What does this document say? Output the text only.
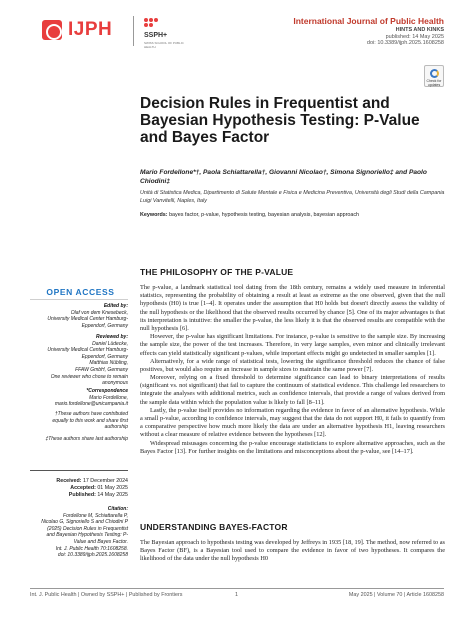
IJPH	SSPH+
SWISS SCHOOL OF PUBLIC HEALTH
International Journal of Public Health
HINTS AND KINKS
published: 14 May 2025
doi: 10.3389/ijph.2025.1608258
Check for updates
Decision Rules in Frequentist and Bayesian Hypothesis Testing: P-Value and Bayes Factor
Mario Fordellone*†, Paola Schiattarella†, Giovanni Nicolao†, Simona Signoriello‡ and Paolo Chiodini‡
Unità di Statistica Medica, Dipartimento di Salute Mentale e Fisica e Medicina Preventiva, Università degli Studi della Campania Luigi Vanvitelli, Naples, Italy
Keywords: bayes factor, p-value, hypothesis testing, bayesian analysis, bayesian approach
THE PHILOSOPHY OF THE P-VALUE

The p-value, a landmark statistical tool dating from the 18th century, remains a widely used measure in inferential statistics, representing the probability of obtaining a result at least as extreme as the one observed, given that the null hypothesis (H0) is true [1–4]. It operates under the assumption that H0 holds but doesn't directly assess the validity of the null hypothesis or the likelihood that the observed results occurred by chance [5]. One of its major advantages is that its interpretation is intuitive: the smaller the p-value, the less likely it is that the observed results are compatible with the null hypothesis [6].

However, the p-value has significant limitations. For instance, p-value is sensitive to the sample size. By increasing the sample size, the power of the test increases. Therefore, in very large samples, even minor and clinically irrelevant effects can yield statistically significant p-values, while important effects might go undetected in smaller samples [1].

Alternatively, for a wide range of statistical tests, lowering the significance threshold reduces the chance of false positives, but would also require an increase in sample sizes to maintain the same power [7].

Moreover, relying on a fixed threshold to determine significance can lead to binary interpretations of results (significant vs. not significant) that fail to capture the continuum of statistical evidence. This challenge led researchers to integrate the analyses with additional metrics, such as confidence intervals, that provide a range of values derived from the sample data within which the population value is likely to fall [8–11].

Lastly, the p-value itself provides no information regarding the evidence in favor of an alternative hypothesis. While a small p-value, according to confidence intervals, may suggest that the data do not support H0, it fails to quantify from a comparative perspective how much more likely the data are under an alternative hypothesis H1, leaving researchers without a clear measure of relative evidence between the hypotheses [12].

Widespread misusages concerning the p-value encourage statisticians to explore alternative approaches, such as the Bayes Factor [13]. For further insights on the limitations and misconceptions about the p-value, see [14–17].

UNDERSTANDING BAYES-FACTOR

The Bayesian approach to hypothesis testing was developed by Jeffreys in 1935 [18, 19]. The method, now referred to as Bayes Factor (BF), is a Bayesian tool used to compare the evidence in favor of two hypotheses. It compares the likelihood of the data under the null hypothesis H0

OPEN ACCESS
Edited by:
Olaf von dem Knesebeck,
University Medical Center Hamburg-
Eppendorf, Germany
Reviewed by:
Daniel Lüdecke,
University Medical Center Hamburg-
Eppendorf, Germany
Matthias Nübling,
FFAW GmbH, Germany
One reviewer who chose to remain
anonymous
*Correspondence
Mario Fordellone,
mario.fordellone@unicampania.it
†These authors have contributed
equally to this work and share first
authorship
‡These authors share last authorship
Received: 17 December 2024
Accepted: 01 May 2025
Published: 14 May 2025
Citation:
Fordellone M, Schiattarella P,
Nicolao G, Signoriello S and Chiodini P
(2025) Decision Rules in Frequentist
and Bayesian Hypothesis Testing: P-
Value and Bayes Factor.
Int. J. Public Health 70:1608258.
doi: 10.3389/ijph.2025.1608258
Int. J. Public Health | Owned by SSPH+ | Published by Frontiers	1	May 2025 | Volume 70 | Article 1608258
